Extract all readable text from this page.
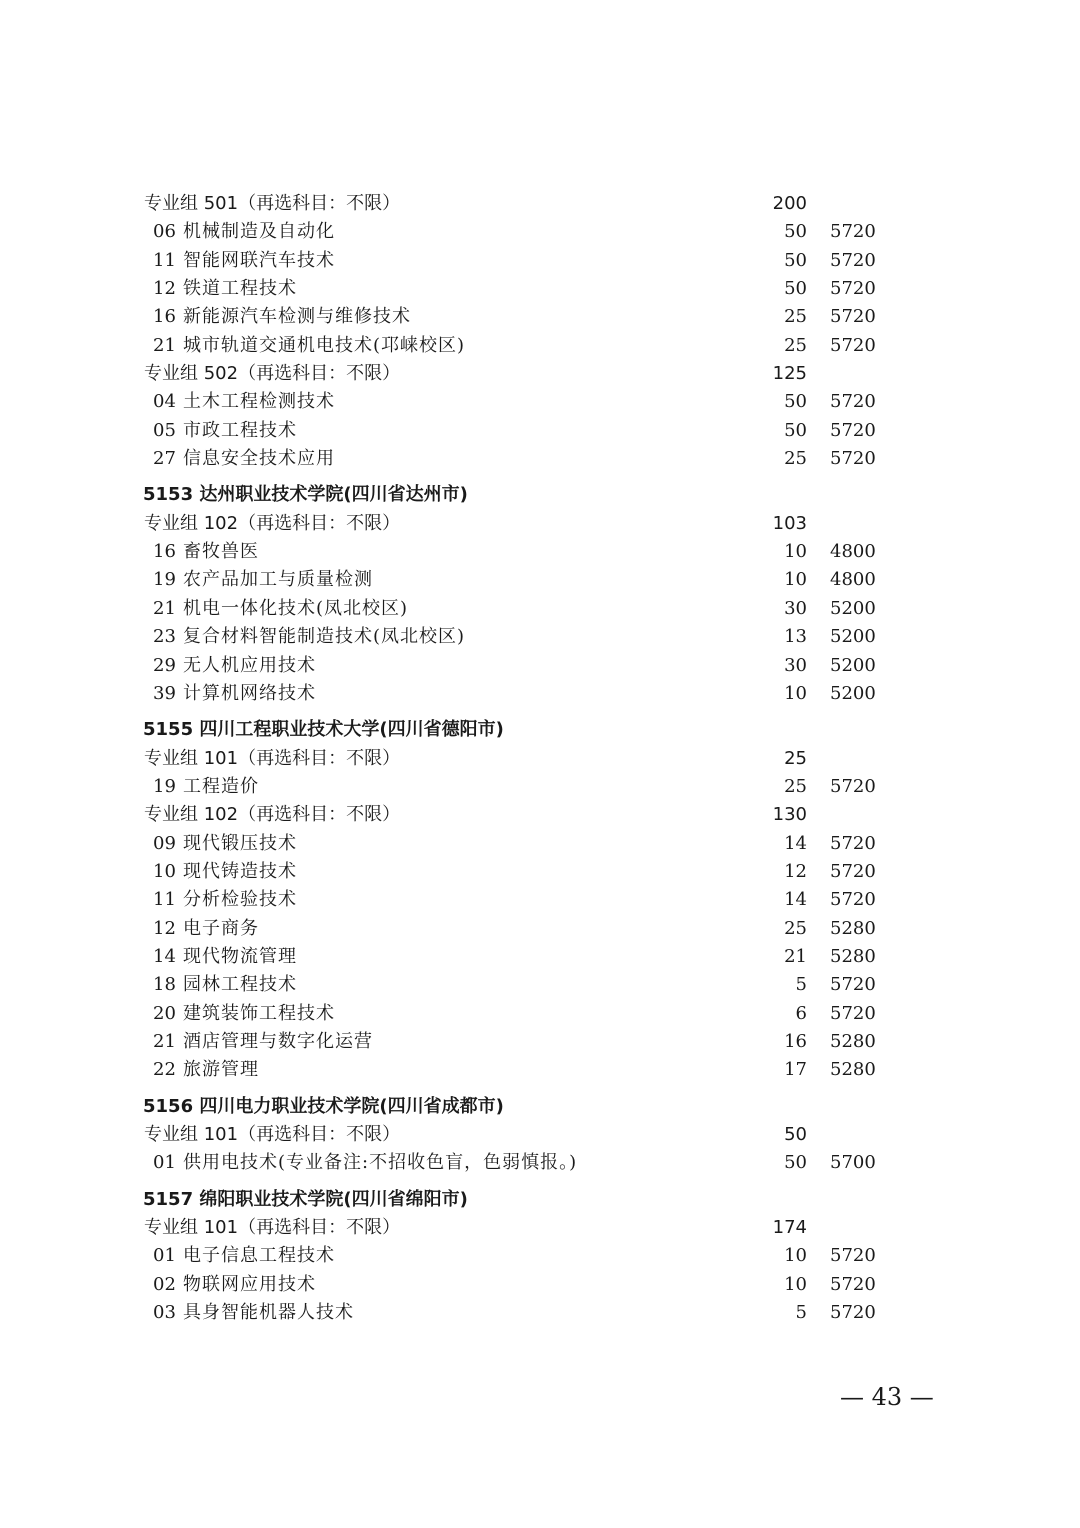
专业组 501（再选科目：不限）	200
06 机械制造及自动化	50 5720
11 智能网联汽车技术	50 5720
12 铁道工程技术	50 5720
16 新能源汽车检测与维修技术	25 5720
21 城市轨道交通机电技术(邛崃校区)	25 5720
专业组 502（再选科目：不限）	125
04 土木工程检测技术	50 5720
05 市政工程技术	50 5720
27 信息安全技术应用	25 5720
5153 达州职业技术学院(四川省达州市)
专业组 102（再选科目：不限）	103
16 畜牧兽医	10 4800
19 农产品加工与质量检测	10 4800
21 机电一体化技术(凤北校区)	30 5200
23 复合材料智能制造技术(凤北校区)	13 5200
29 无人机应用技术	30 5200
39 计算机网络技术	10 5200
5155 四川工程职业技术大学(四川省德阳市)
专业组 101（再选科目：不限）	25
19 工程造价	25 5720
专业组 102（再选科目：不限）	130
09 现代锻压技术	14 5720
10 现代铸造技术	12 5720
11 分析检验技术	14 5720
12 电子商务	25 5280
14 现代物流管理	21 5280
18 园林工程技术	5 5720
20 建筑装饰工程技术	6 5720
21 酒店管理与数字化运营	16 5280
22 旅游管理	17 5280
5156 四川电力职业技术学院(四川省成都市)
专业组 101（再选科目：不限）	50
01 供用电技术(专业备注:不招收色盲，色弱慎报。)	50 5700
5157 绵阳职业技术学院(四川省绵阳市)
专业组 101（再选科目：不限）	174
01 电子信息工程技术	10 5720
02 物联网应用技术	10 5720
03 具身智能机器人技术	5 5720
— 43 —
